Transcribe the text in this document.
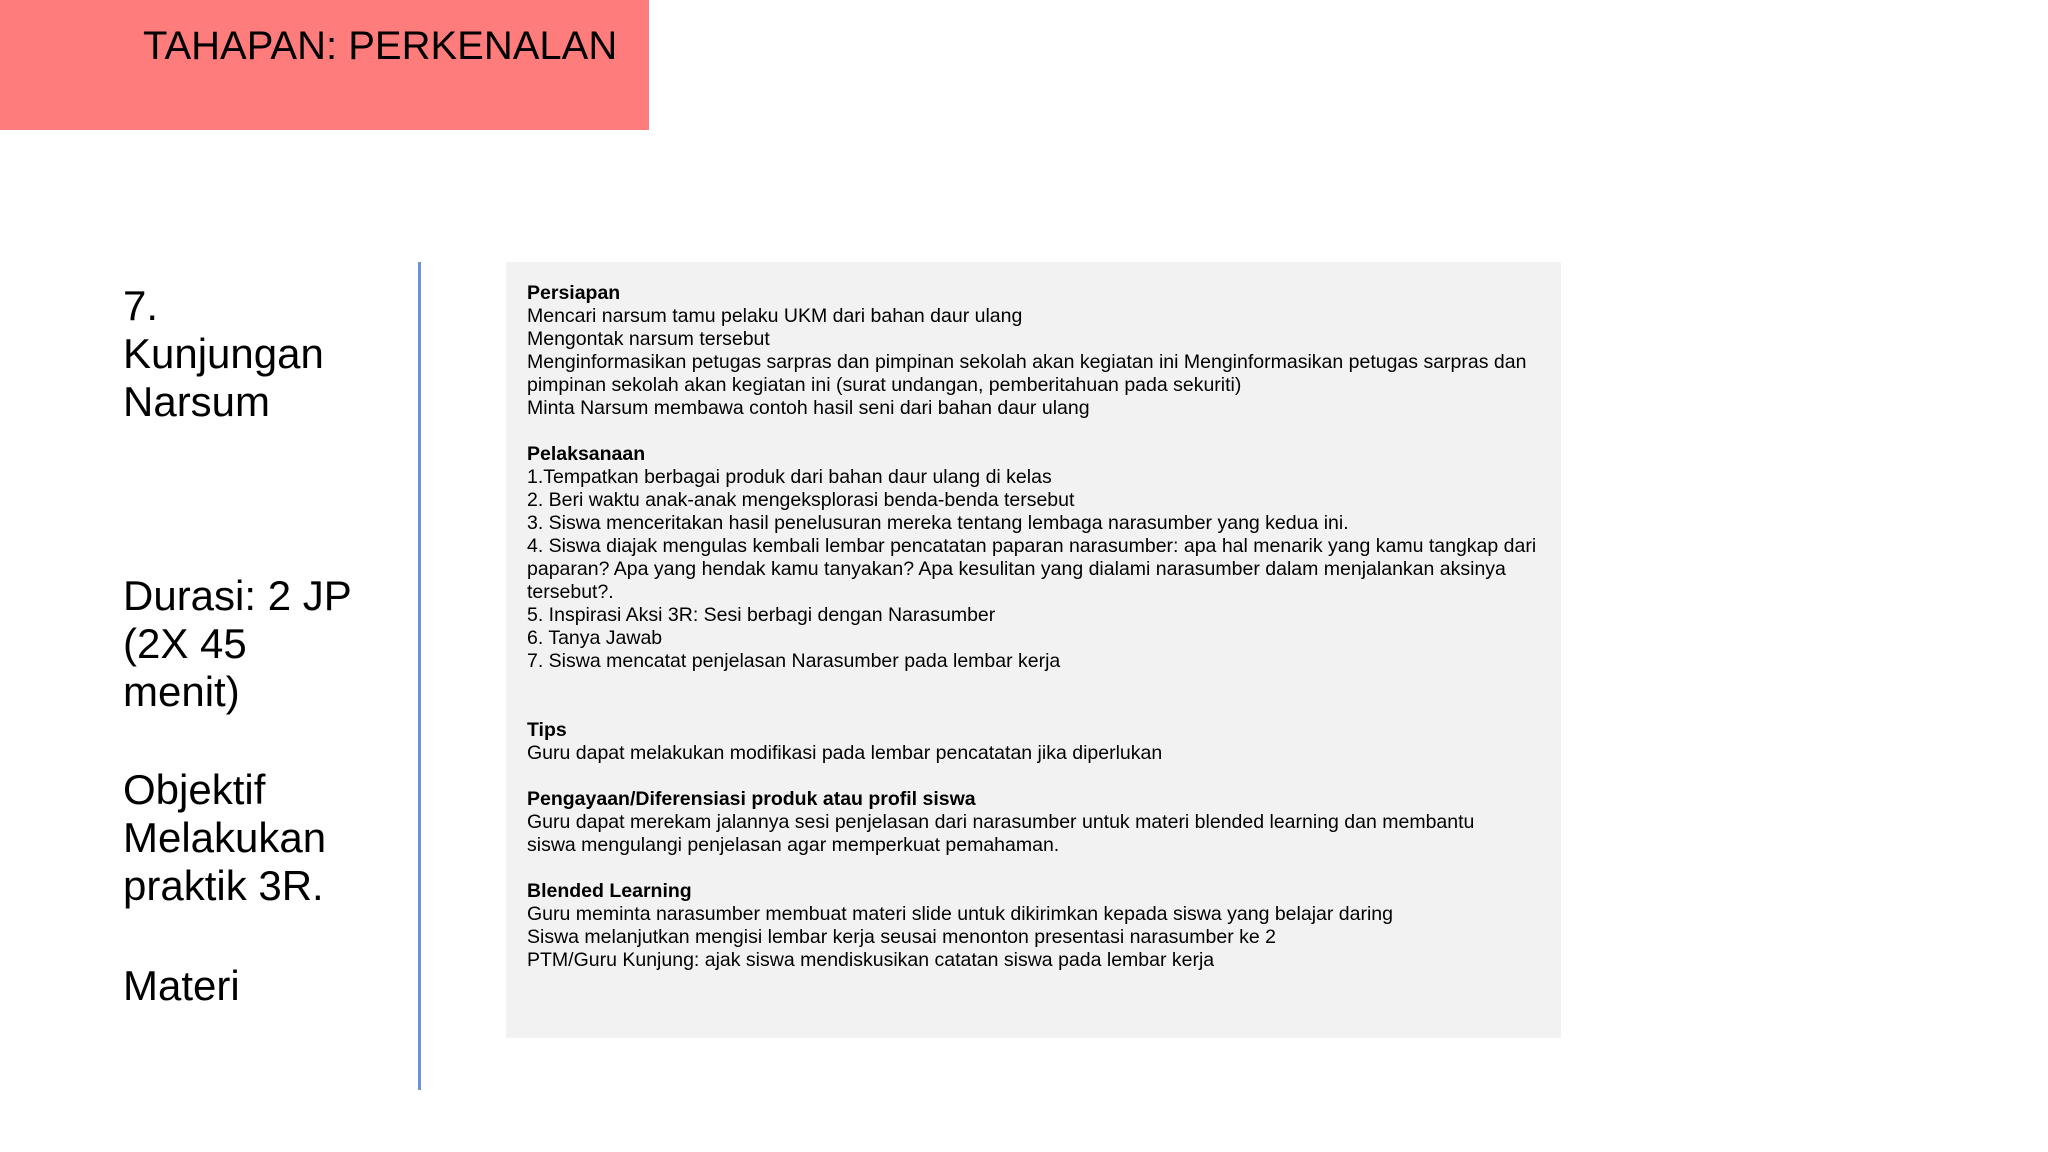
TAHAPAN: PERKENALAN
7.
Kunjungan
Narsum
Durasi: 2 JP
(2X 45
menit)
Objektif
Melakukan
praktik 3R.
Materi
Persiapan
Mencari narsum tamu pelaku UKM dari bahan daur ulang
Mengontak narsum tersebut
Menginformasikan petugas sarpras dan pimpinan sekolah akan kegiatan ini Menginformasikan petugas sarpras dan
pimpinan sekolah akan kegiatan ini (surat undangan, pemberitahuan pada sekuriti)
Minta Narsum membawa contoh hasil seni dari bahan daur ulang
Pelaksanaan
1.Tempatkan berbagai produk dari bahan daur ulang di kelas
2. Beri waktu anak-anak mengeksplorasi benda-benda tersebut
3. Siswa menceritakan hasil penelusuran mereka tentang lembaga narasumber yang kedua ini.
4. Siswa diajak mengulas kembali lembar pencatatan paparan narasumber: apa hal menarik yang kamu tangkap dari
paparan? Apa yang hendak kamu tanyakan? Apa kesulitan yang dialami narasumber dalam menjalankan aksinya
tersebut?.
5. Inspirasi Aksi 3R: Sesi berbagi dengan Narasumber
6. Tanya Jawab
7. Siswa mencatat penjelasan Narasumber pada lembar kerja
Tips
Guru dapat melakukan modifikasi pada lembar pencatatan jika diperlukan
Pengayaan/Diferensiasi produk atau profil siswa
Guru dapat merekam jalannya sesi penjelasan dari narasumber untuk materi blended learning dan membantu
siswa mengulangi penjelasan agar memperkuat pemahaman.
Blended Learning
Guru meminta narasumber membuat materi slide untuk dikirimkan kepada siswa yang belajar daring
Siswa melanjutkan mengisi lembar kerja seusai menonton presentasi narasumber ke 2
PTM/Guru Kunjung: ajak siswa mendiskusikan catatan siswa pada lembar kerja
